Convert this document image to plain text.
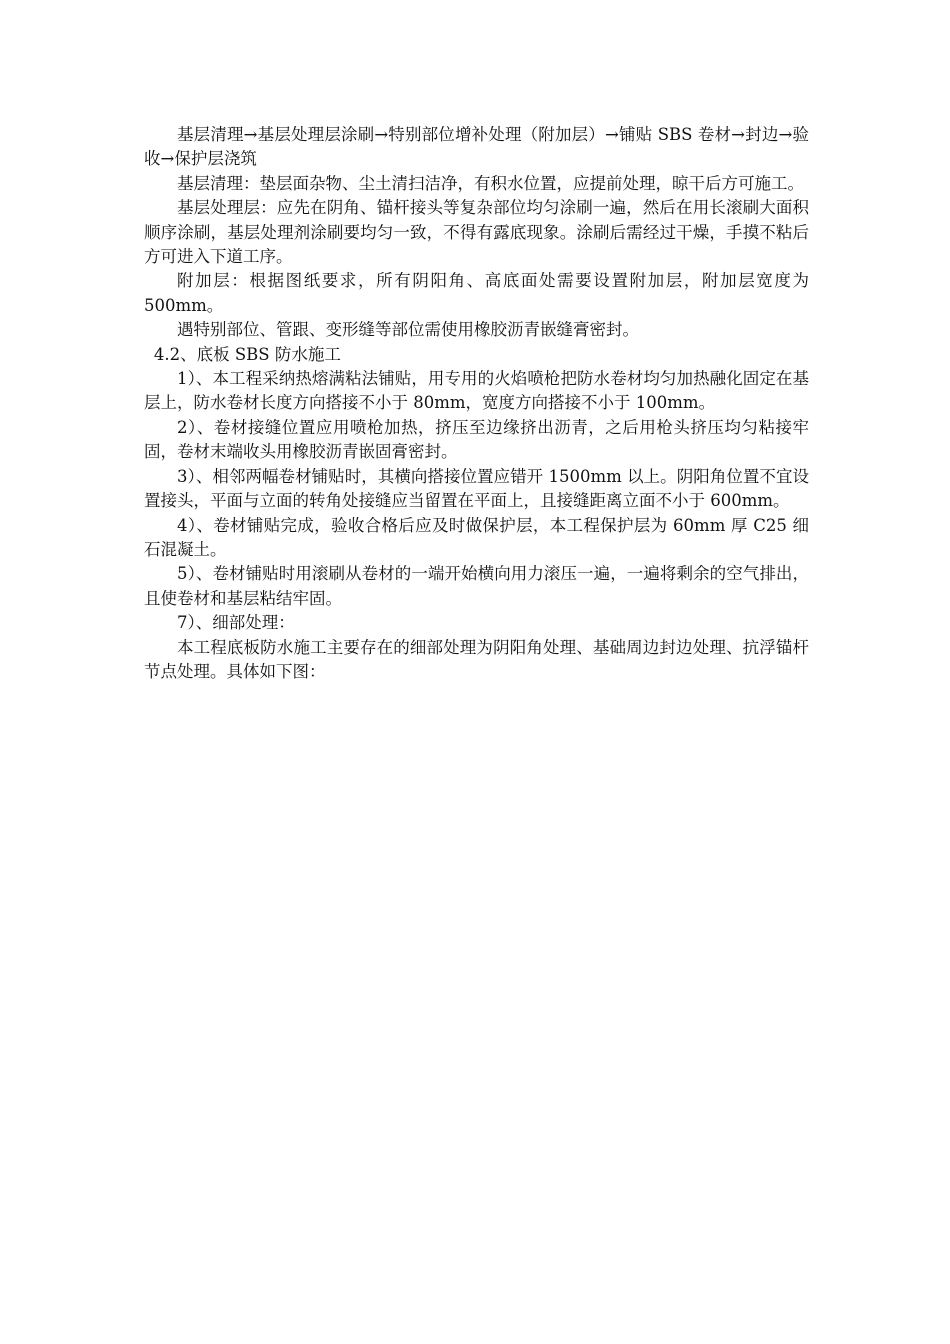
基层清理→基层处理层涂刷→特别部位增补处理（附加层）→铺贴 SBS 卷材→封边→验收→保护层浇筑

基层清理：垫层面杂物、尘土清扫洁净，有积水位置，应提前处理，晾干后方可施工。

基层处理层：应先在阴角、锚杆接头等复杂部位均匀涂刷一遍，然后在用长滚刷大面积顺序涂刷，基层处理剂涂刷要均匀一致，不得有露底现象。涂刷后需经过干燥，手摸不粘后方可进入下道工序。

附加层：根据图纸要求，所有阴阳角、高底面处需要设置附加层，附加层宽度为 500mm。

遇特别部位、管跟、变形缝等部位需使用橡胶沥青嵌缝膏密封。

4.2、底板 SBS 防水施工

1）、本工程采纳热熔满粘法铺贴，用专用的火焰喷枪把防水卷材均匀加热融化固定在基层上，防水卷材长度方向搭接不小于 80mm，宽度方向搭接不小于 100mm。

2）、卷材接缝位置应用喷枪加热，挤压至边缘挤出沥青，之后用枪头挤压均匀粘接牢固，卷材末端收头用橡胶沥青嵌固膏密封。

3）、相邻两幅卷材铺贴时，其横向搭接位置应错开 1500mm 以上。阴阳角位置不宜设置接头，平面与立面的转角处接缝应当留置在平面上，且接缝距离立面不小于 600mm。

4）、卷材铺贴完成，验收合格后应及时做保护层，本工程保护层为 60mm 厚 C25 细石混凝土。

5）、卷材铺贴时用滚刷从卷材的一端开始横向用力滚压一遍，一遍将剩余的空气排出，且使卷材和基层粘结牢固。

7）、细部处理：

本工程底板防水施工主要存在的细部处理为阴阳角处理、基础周边封边处理、抗浮锚杆节点处理。具体如下图：
